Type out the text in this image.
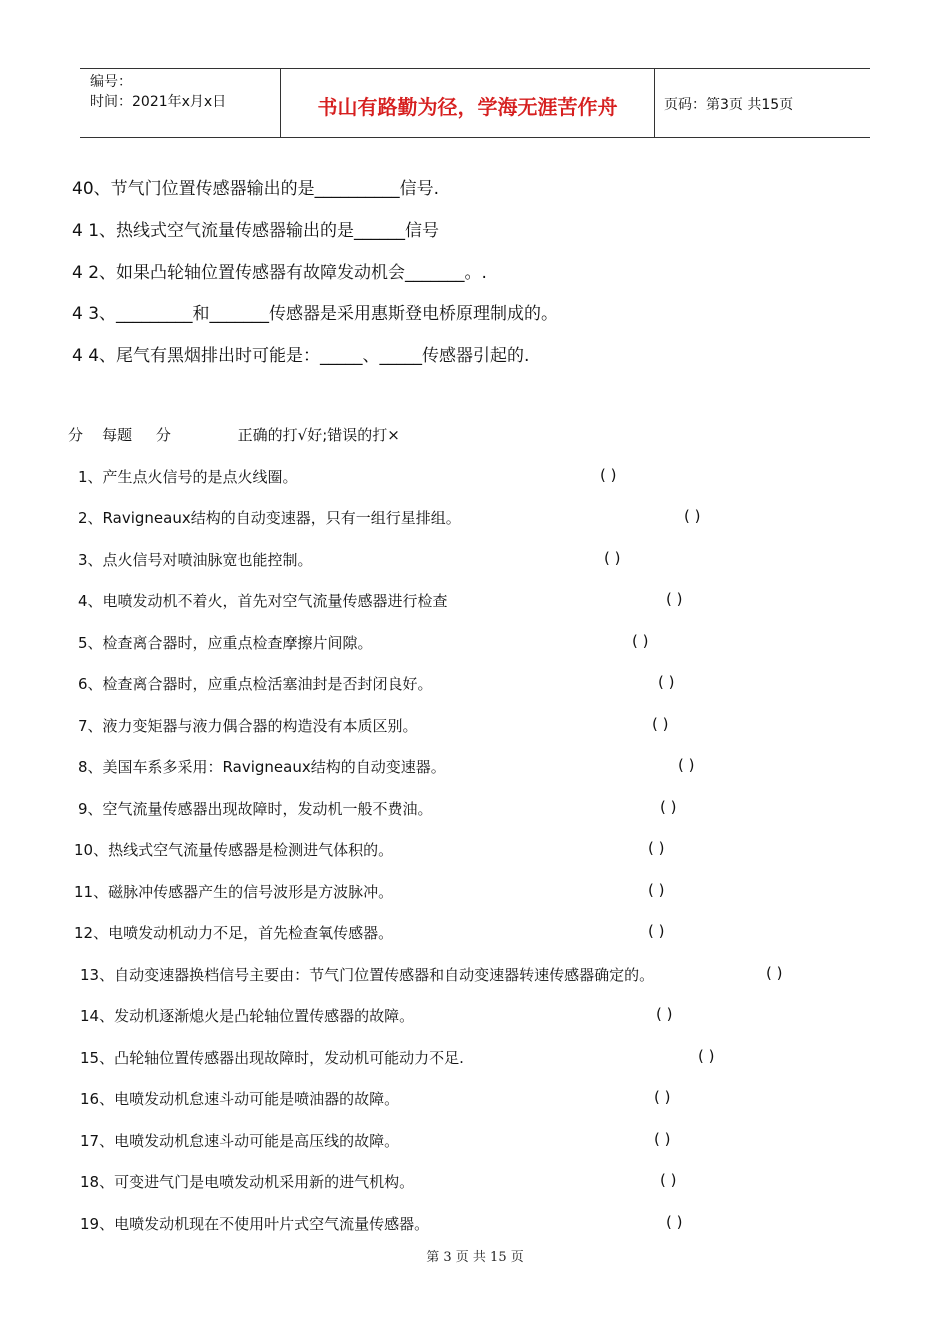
编号：
时间：2021年x月x日	书山有路勤为径，学海无涯苦作舟	页码：第3页 共15页
40、节气门位置传感器输出的是__________信号.
4 1、热线式空气流量传感器输出的是______信号
4 2、如果凸轮轴位置传感器有故障发动机会_______。.
4 3、_________和_______传感器是采用惠斯登电桥原理制成的。
4 4、尾气有黑烟排出时可能是：_____、_____传感器引起的.
分    每题     分              正确的打√好;错误的打×
1、产生点火信号的是点火线圈。	( )
2、Ravigneaux结构的自动变速器，只有一组行星排组。	( )
3、点火信号对喷油脉宽也能控制。	( )
4、电喷发动机不着火，首先对空气流量传感器进行检查	( )
5、检查离合器时，应重点检查摩擦片间隙。	( )
6、检查离合器时，应重点检活塞油封是否封闭良好。	( )
7、液力变矩器与液力偶合器的构造没有本质区别。	( )
8、美国车系多采用：Ravigneaux结构的自动变速器。	( )
9、空气流量传感器出现故障时，发动机一般不费油。	( )
10、热线式空气流量传感器是检测进气体积的。	( )
11、磁脉冲传感器产生的信号波形是方波脉冲。	( )
12、电喷发动机动力不足，首先检查氧传感器。	( )
13、自动变速器换档信号主要由：节气门位置传感器和自动变速器转速传感器确定的。	( )
14、发动机逐渐熄火是凸轮轴位置传感器的故障。	( )
15、凸轮轴位置传感器出现故障时，发动机可能动力不足.	( )
16、电喷发动机怠速斗动可能是喷油器的故障。	( )
17、电喷发动机怠速斗动可能是高压线的故障。	( )
18、可变进气门是电喷发动机采用新的进气机构。	( )
19、电喷发动机现在不使用叶片式空气流量传感器。	( )
第 3 页 共 15 页
